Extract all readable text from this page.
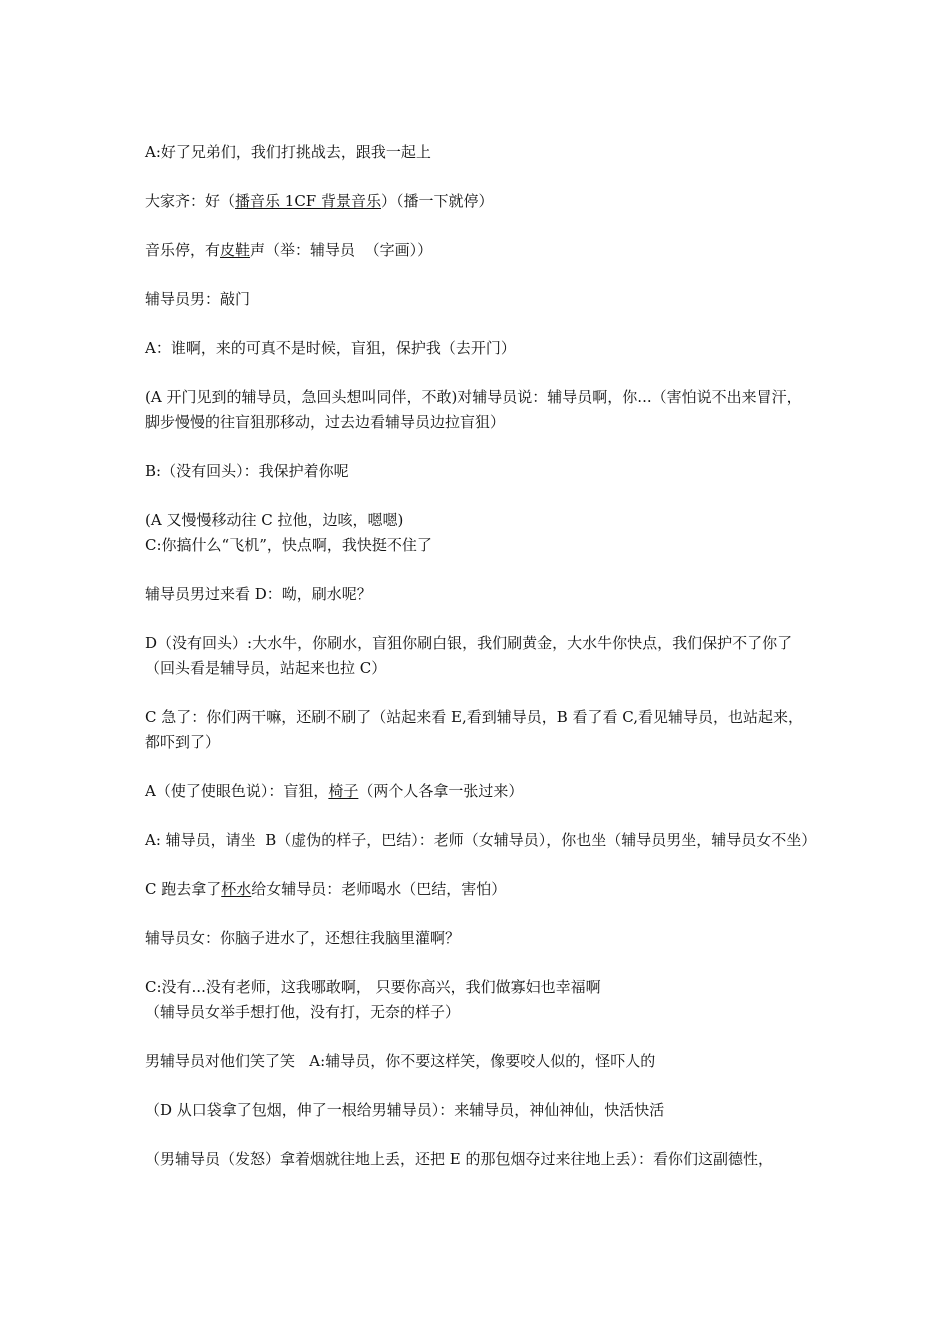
A:好了兄弟们，我们打挑战去，跟我一起上

大家齐：好（播音乐 1CF 背景音乐）（播一下就停）

音乐停，有皮鞋声（举：辅导员  （字画））

辅导员男：敲门

A：谁啊，来的可真不是时候，盲狙，保护我（去开门）

(A 开门见到的辅导员，急回头想叫同伴，不敢)对辅导员说：辅导员啊，你...（害怕说不出来冒汗，脚步慢慢的往盲狙那移动，过去边看辅导员边拉盲狙）

B:（没有回头）：我保护着你呢

(A 又慢慢移动往 C 拉他，边咳，嗯嗯)

C:你搞什么“飞机”，快点啊，我快挺不住了

辅导员男过来看 D：呦，刷水呢？

D（没有回头）:大水牛，你刷水，盲狙你刷白银，我们刷黄金，大水牛你快点，我们保护不了你了（回头看是辅导员，站起来也拉 C）

C 急了：你们两干嘛，还刷不刷了（站起来看 E,看到辅导员，B 看了看 C,看见辅导员，也站起来，都吓到了）

A（使了使眼色说）：盲狙，椅子（两个人各拿一张过来）

A: 辅导员，请坐  B（虚伪的样子，巴结）：老师（女辅导员），你也坐（辅导员男坐，辅导员女不坐）

C 跑去拿了杯水给女辅导员：老师喝水（巴结，害怕）

辅导员女：你脑子进水了，还想往我脑里灌啊？

C:没有...没有老师，这我哪敢啊， 只要你高兴，我们做寡妇也幸福啊

（辅导员女举手想打他，没有打，无奈的样子）

男辅导员对他们笑了笑   A:辅导员，你不要这样笑，像要咬人似的，怪吓人的

（D 从口袋拿了包烟，伸了一根给男辅导员）：来辅导员，神仙神仙，快活快活

（男辅导员（发怒）拿着烟就往地上丢，还把 E 的那包烟夺过来往地上丢）：看你们这副德性，
